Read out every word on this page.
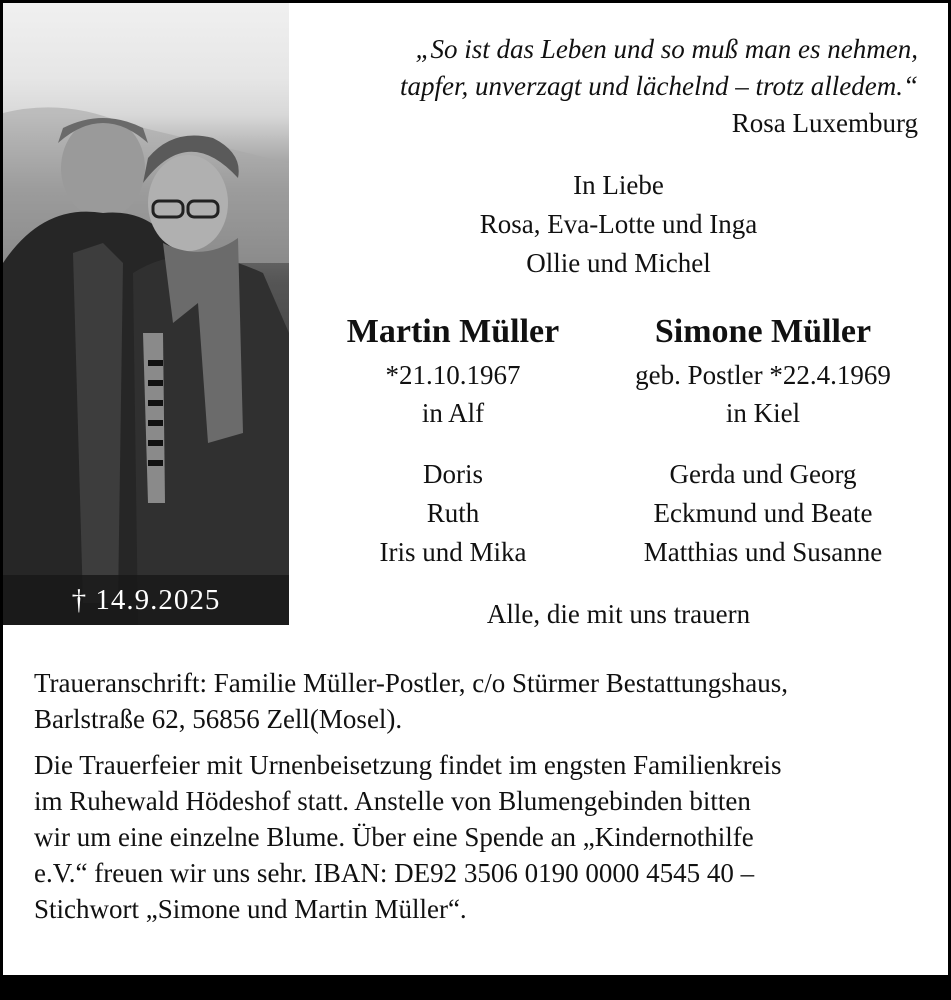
† 14.9.2025
„So ist das Leben und so muß man es nehmen,
tapfer, unverzagt und lächelnd – trotz alledem.“
Rosa Luxemburg
In Liebe
Rosa, Eva-Lotte und Inga
Ollie und Michel
Martin Müller
*21.10.1967
in Alf
Simone Müller
geb. Postler *22.4.1969
in Kiel
Doris
Ruth
Iris und Mika
Gerda und Georg
Eckmund und Beate
Matthias und Susanne
Alle, die mit uns trauern

Traueranschrift: Familie Müller-Postler, c/o Stürmer Bestattungshaus,
Barlstraße 62, 56856 Zell(Mosel).

Die Trauerfeier mit Urnenbeisetzung findet im engsten Familienkreis
im Ruhewald Hödeshof statt. Anstelle von Blumengebinden bitten
wir um eine einzelne Blume. Über eine Spende an „Kindernothilfe
e.V.“ freuen wir uns sehr. IBAN: DE92 3506 0190 0000 4545 40 –
Stichwort „Simone und Martin Müller“.
